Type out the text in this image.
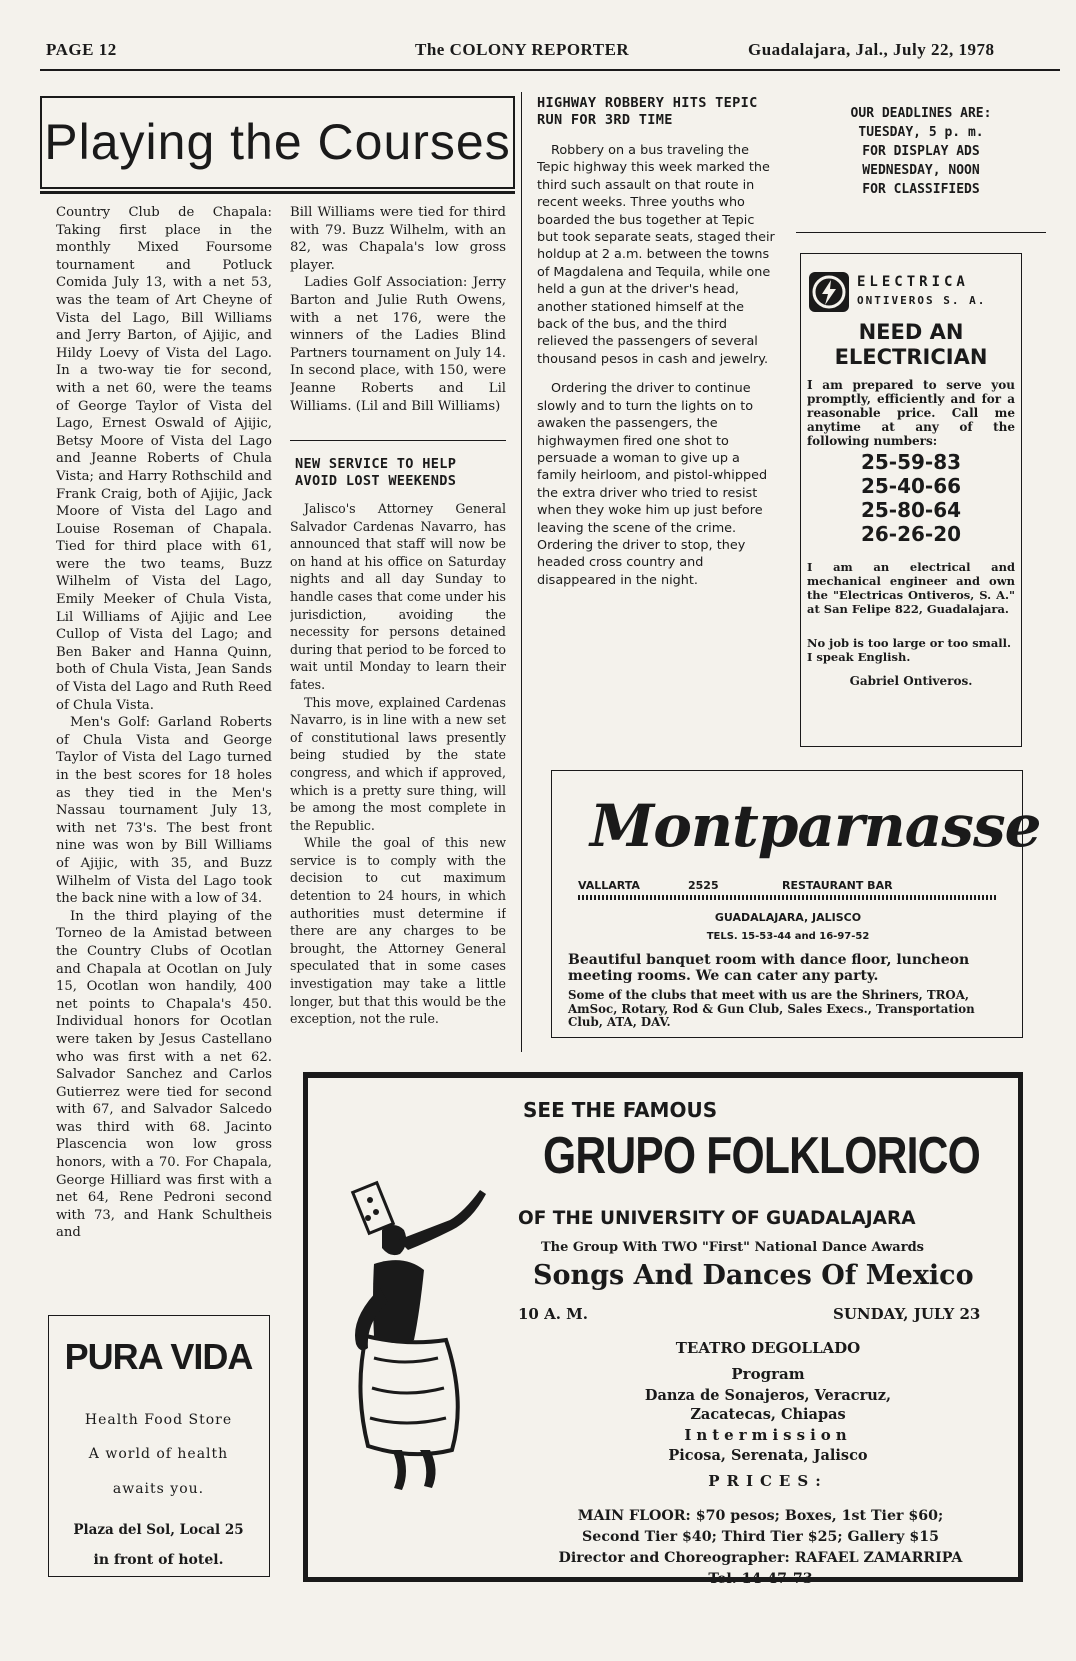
PAGE 12	The COLONY REPORTER	Guadalajara, Jal., July 22, 1978
Playing the Courses

Country Club de Chapala: Taking first place in the monthly Mixed Foursome tournament and Potluck Comida July 13, with a net 53, was the team of Art Cheyne of Vista del Lago, Bill Williams and Jerry Barton, of Ajijic, and Hildy Loevy of Vista del Lago. In a two-way tie for second, with a net 60, were the teams of George Taylor of Vista del Lago, Ernest Oswald of Ajijic, Betsy Moore of Vista del Lago and Jeanne Roberts of Chula Vista; and Harry Rothschild and Frank Craig, both of Ajijic, Jack Moore of Vista del Lago and Louise Roseman of Chapala. Tied for third place with 61, were the two teams, Buzz Wilhelm of Vista del Lago, Emily Meeker of Chula Vista, Lil Williams of Ajijic and Lee Cullop of Vista del Lago; and Ben Baker and Hanna Quinn, both of Chula Vista, Jean Sands of Vista del Lago and Ruth Reed of Chula Vista.

Men's Golf: Garland Roberts of Chula Vista and George Taylor of Vista del Lago turned in the best scores for 18 holes as they tied in the Men's Nassau tournament July 13, with net 73's. The best front nine was won by Bill Williams of Ajijic, with 35, and Buzz Wilhelm of Vista del Lago took the back nine with a low of 34.

In the third playing of the Torneo de la Amistad between the Country Clubs of Ocotlan and Chapala at Ocotlan on July 15, Ocotlan won handily, 400 net points to Chapala's 450. Individual honors for Ocotlan were taken by Jesus Castellano who was first with a net 62. Salvador Sanchez and Carlos Gutierrez were tied for second with 67, and Salvador Salcedo was third with 68. Jacinto Plascencia won low gross honors, with a 70. For Chapala, George Hilliard was first with a net 64, Rene Pedroni second with 73, and Hank Schultheis and

Bill Williams were tied for third with 79. Buzz Wilhelm, with an 82, was Chapala's low gross player.

Ladies Golf Association: Jerry Barton and Julie Ruth Owens, with a net 176, were the winners of the Ladies Blind Partners tournament on July 14. In second place, with 150, were Jeanne Roberts and Lil Williams. (Lil and Bill Williams)

NEW SERVICE TO HELP AVOID LOST WEEKENDS

Jalisco's Attorney General Salvador Cardenas Navarro, has announced that staff will now be on hand at his office on Saturday nights and all day Sunday to handle cases that come under his jurisdiction, avoiding the necessity for persons detained during that period to be forced to wait until Monday to learn their fates.

This move, explained Cardenas Navarro, is in line with a new set of constitutional laws presently being studied by the state congress, and which if approved, which is a pretty sure thing, will be among the most complete in the Republic.

While the goal of this new service is to comply with the decision to cut maximum detention to 24 hours, in which authorities must determine if there are any charges to be brought, the Attorney General speculated that in some cases investigation may take a little longer, but that this would be the exception, not the rule.

HIGHWAY ROBBERY HITS TEPIC RUN FOR 3RD TIME

Robbery on a bus traveling the Tepic highway this week marked the third such assault on that route in recent weeks. Three youths who boarded the bus together at Tepic but took separate seats, staged their holdup at 2 a.m. between the towns of Magdalena and Tequila, while one held a gun at the driver's head, another stationed himself at the back of the bus, and the third relieved the passengers of several thousand pesos in cash and jewelry.

Ordering the driver to continue slowly and to turn the lights on to awaken the passengers, the highwaymen fired one shot to persuade a woman to give up a family heirloom, and pistol-whipped the extra driver who tried to resist when they woke him up just before leaving the scene of the crime. Ordering the driver to stop, they headed cross country and disappeared in the night.

OUR DEADLINES ARE:
TUESDAY, 5 p. m.
FOR DISPLAY ADS
WEDNESDAY, NOON
FOR CLASSIFIEDS
ELECTRICA
ONTIVEROS S. A.
NEED AN ELECTRICIAN
I am prepared to serve you promptly, efficiently and for a reasonable price. Call me anytime at any of the following numbers:
25-59-83
25-40-66
25-80-64
26-26-20
I am an electrical and mechanical engineer and own the "Electricas Ontiveros, S. A." at San Felipe 822, Guadalajara.
No job is too large or too small. I speak English.
Gabriel Ontiveros.
Montparnasse
VALLARTA	2525	RESTAURANT BAR
GUADALAJARA, JALISCO
TELS. 15-53-44 and 16-97-52
Beautiful banquet room with dance floor, luncheon meeting rooms. We can cater any party.
Some of the clubs that meet with us are the Shriners, TROA, AmSoc, Rotary, Rod & Gun Club, Sales Execs., Transportation Club, ATA, DAV.
PURA VIDA
Health Food Store
A world of health
awaits you.
Plaza del Sol, Local 25
in front of hotel.
SEE THE FAMOUS
GRUPO FOLKLORICO
OF THE UNIVERSITY OF GUADALAJARA
The Group With TWO "First" National Dance Awards
Songs And Dances Of Mexico
10 A. M.	SUNDAY, JULY 23
TEATRO DEGOLLADO
Program
Danza de Sonajeros, Veracruz,
Zacatecas, Chiapas
Intermission
Picosa, Serenata, Jalisco
PRICES:
MAIN FLOOR: $70 pesos; Boxes, 1st Tier $60;
Second Tier $40; Third Tier $25; Gallery $15
Director and Choreographer: RAFAEL ZAMARRIPA
Tel. 14-47-73
